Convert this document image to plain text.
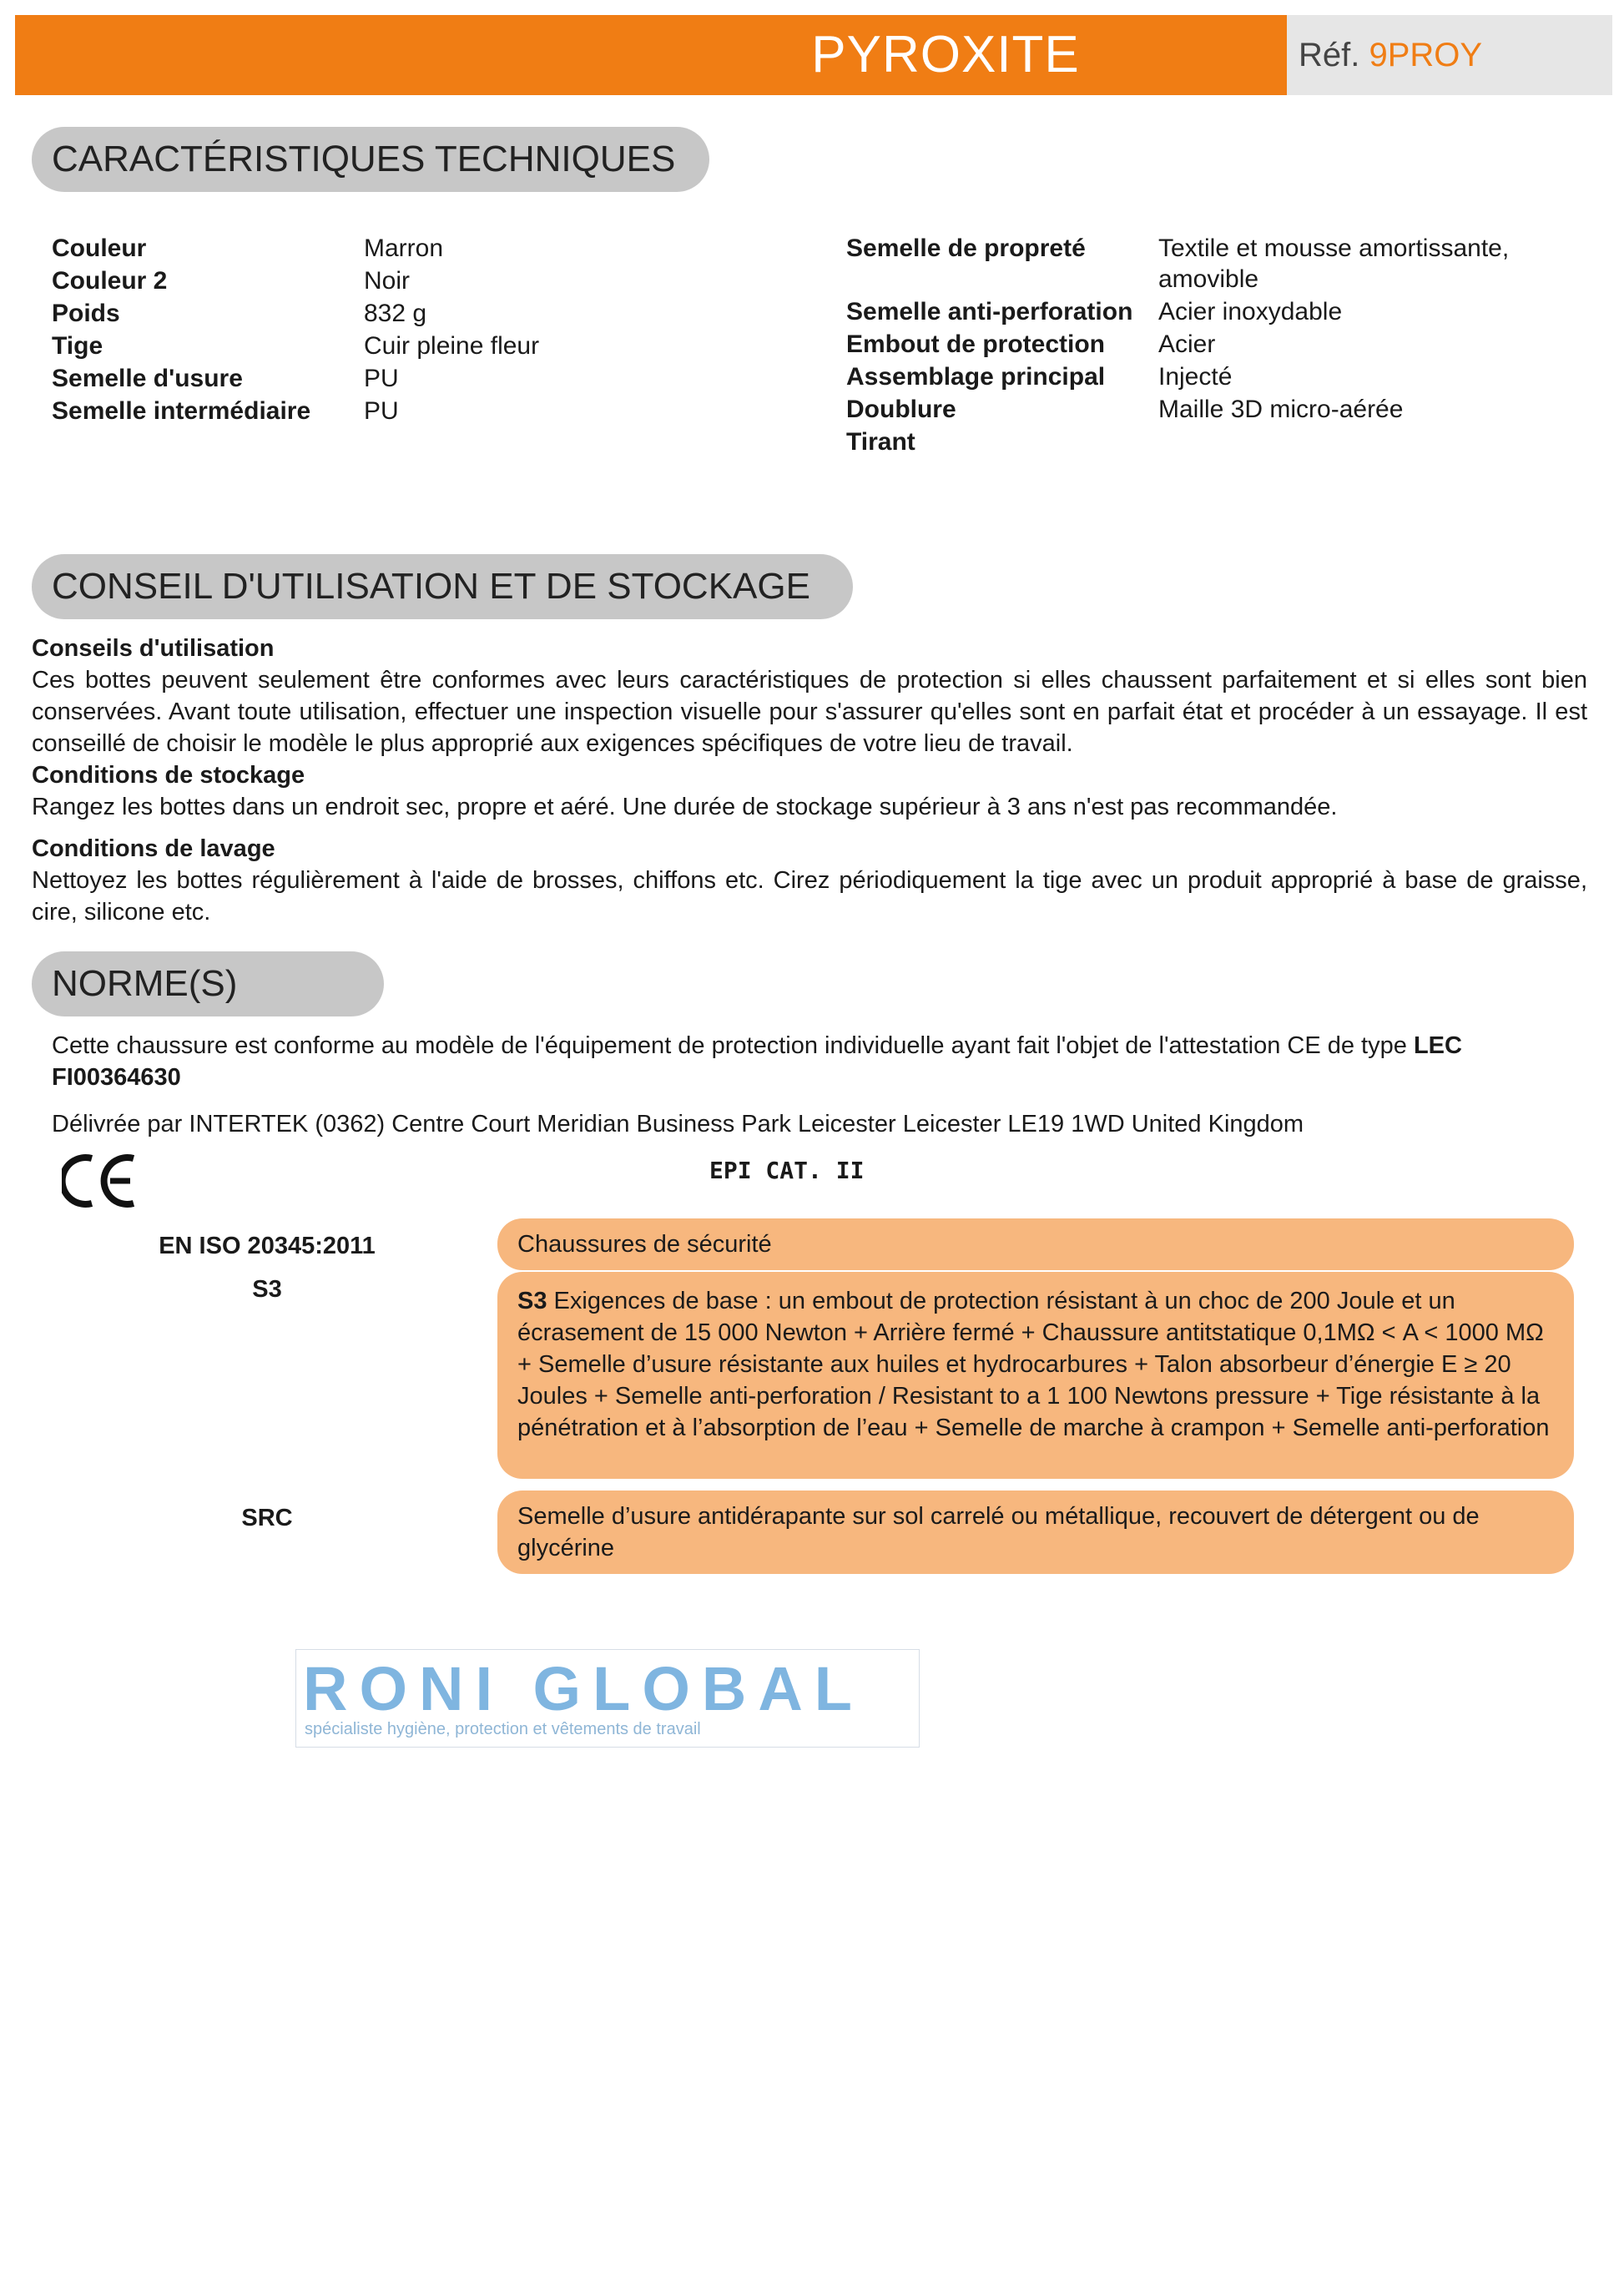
PYROXITE	Réf. 9PROY
CARACTÉRISTIQUES TECHNIQUES
Couleur	Marron
Couleur 2	Noir
Poids	832 g
Tige	Cuir pleine fleur
Semelle d'usure	PU
Semelle intermédiaire PU
Semelle de propreté	Textile et mousse amortissante,
amovible
Semelle anti-perforation Acier inoxydable
Embout de protection Acier
Assemblage principal Injecté
Doublure	Maille 3D micro-aérée
Tirant
CONSEIL D'UTILISATION ET DE STOCKAGE
Conseils d'utilisation
Ces bottes peuvent seulement être conformes avec leurs caractéristiques de protection si elles chaussent parfaitement et si elles sont bien conservées. Avant toute utilisation, effectuer une inspection visuelle pour s'assurer qu'elles sont en parfait état et procéder à un essayage. Il est conseillé de choisir le modèle le plus approprié aux exigences spécifiques de votre lieu de travail.
Conditions de stockage
Rangez les bottes dans un endroit sec, propre et aéré. Une durée de stockage supérieur à 3 ans n'est pas recommandée.
Conditions de lavage
Nettoyez les bottes régulièrement à l'aide de brosses, chiffons etc. Cirez périodiquement la tige avec un produit approprié à base de graisse, cire, silicone etc.
NORME(S)
Cette chaussure est conforme au modèle de l'équipement de protection individuelle ayant fait l'objet de l'attestation CE de type LEC FI00364630
Délivrée par INTERTEK (0362) Centre Court Meridian Business Park Leicester Leicester LE19 1WD United Kingdom
EPI CAT. II
EN ISO 20345:2011	Chaussures de sécurité
S3	S3 Exigences de base : un embout de protection résistant à un choc de 200 Joule et un écrasement de 15 000 Newton + Arrière fermé + Chaussure antitstatique 0,1MΩ < A < 1000 MΩ + Semelle d’usure résistante aux huiles et hydrocarbures + Talon absorbeur d’énergie E ≥ 20 Joules + Semelle anti-perforation / Resistant to a 1 100 Newtons pressure + Tige résistante à la pénétration et à l’absorption de l’eau + Semelle de marche à crampon + Semelle anti-perforation
SRC	Semelle d’usure antidérapante sur sol carrelé ou métallique, recouvert de détergent ou de glycérine
RONI GLOBAL
spécialiste hygiène, protection et vêtements de travail
